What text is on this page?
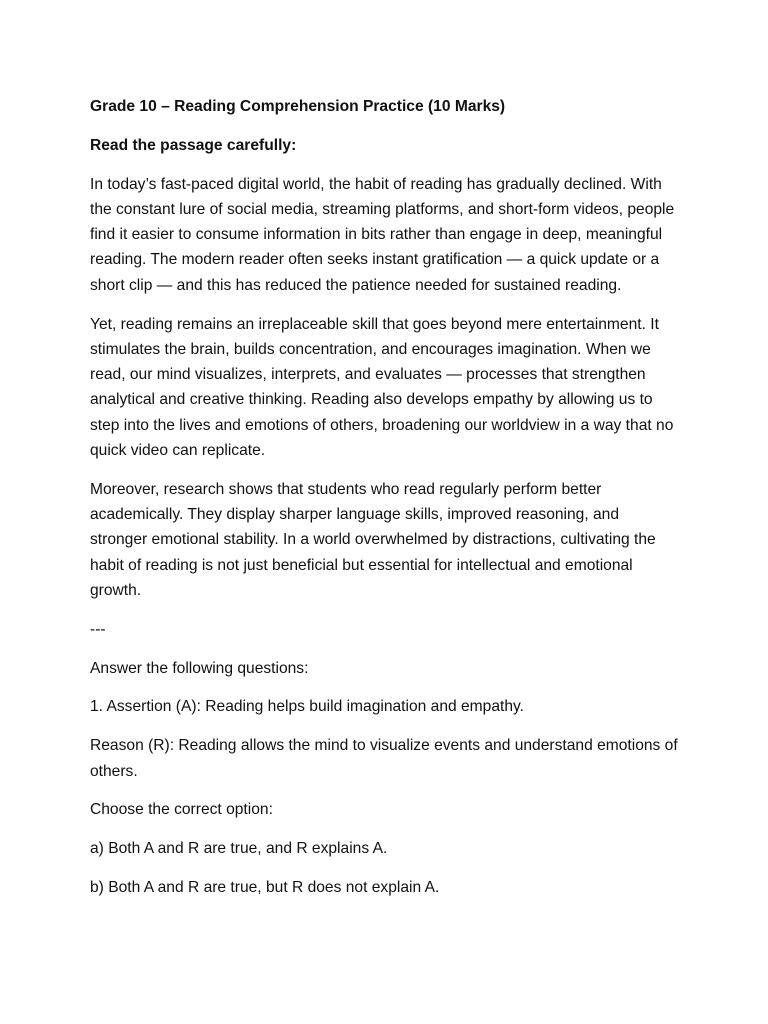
Grade 10 – Reading Comprehension Practice (10 Marks)

Read the passage carefully:

In today’s fast-paced digital world, the habit of reading has gradually declined. With the constant lure of social media, streaming platforms, and short-form videos, people find it easier to consume information in bits rather than engage in deep, meaningful reading. The modern reader often seeks instant gratification — a quick update or a short clip — and this has reduced the patience needed for sustained reading.

Yet, reading remains an irreplaceable skill that goes beyond mere entertainment. It stimulates the brain, builds concentration, and encourages imagination. When we read, our mind visualizes, interprets, and evaluates — processes that strengthen analytical and creative thinking. Reading also develops empathy by allowing us to step into the lives and emotions of others, broadening our worldview in a way that no quick video can replicate.

Moreover, research shows that students who read regularly perform better academically. They display sharper language skills, improved reasoning, and stronger emotional stability. In a world overwhelmed by distractions, cultivating the habit of reading is not just beneficial but essential for intellectual and emotional growth.

---

Answer the following questions:

1. Assertion (A): Reading helps build imagination and empathy.

Reason (R): Reading allows the mind to visualize events and understand emotions of others.

Choose the correct option:

a) Both A and R are true, and R explains A.

b) Both A and R are true, but R does not explain A.
